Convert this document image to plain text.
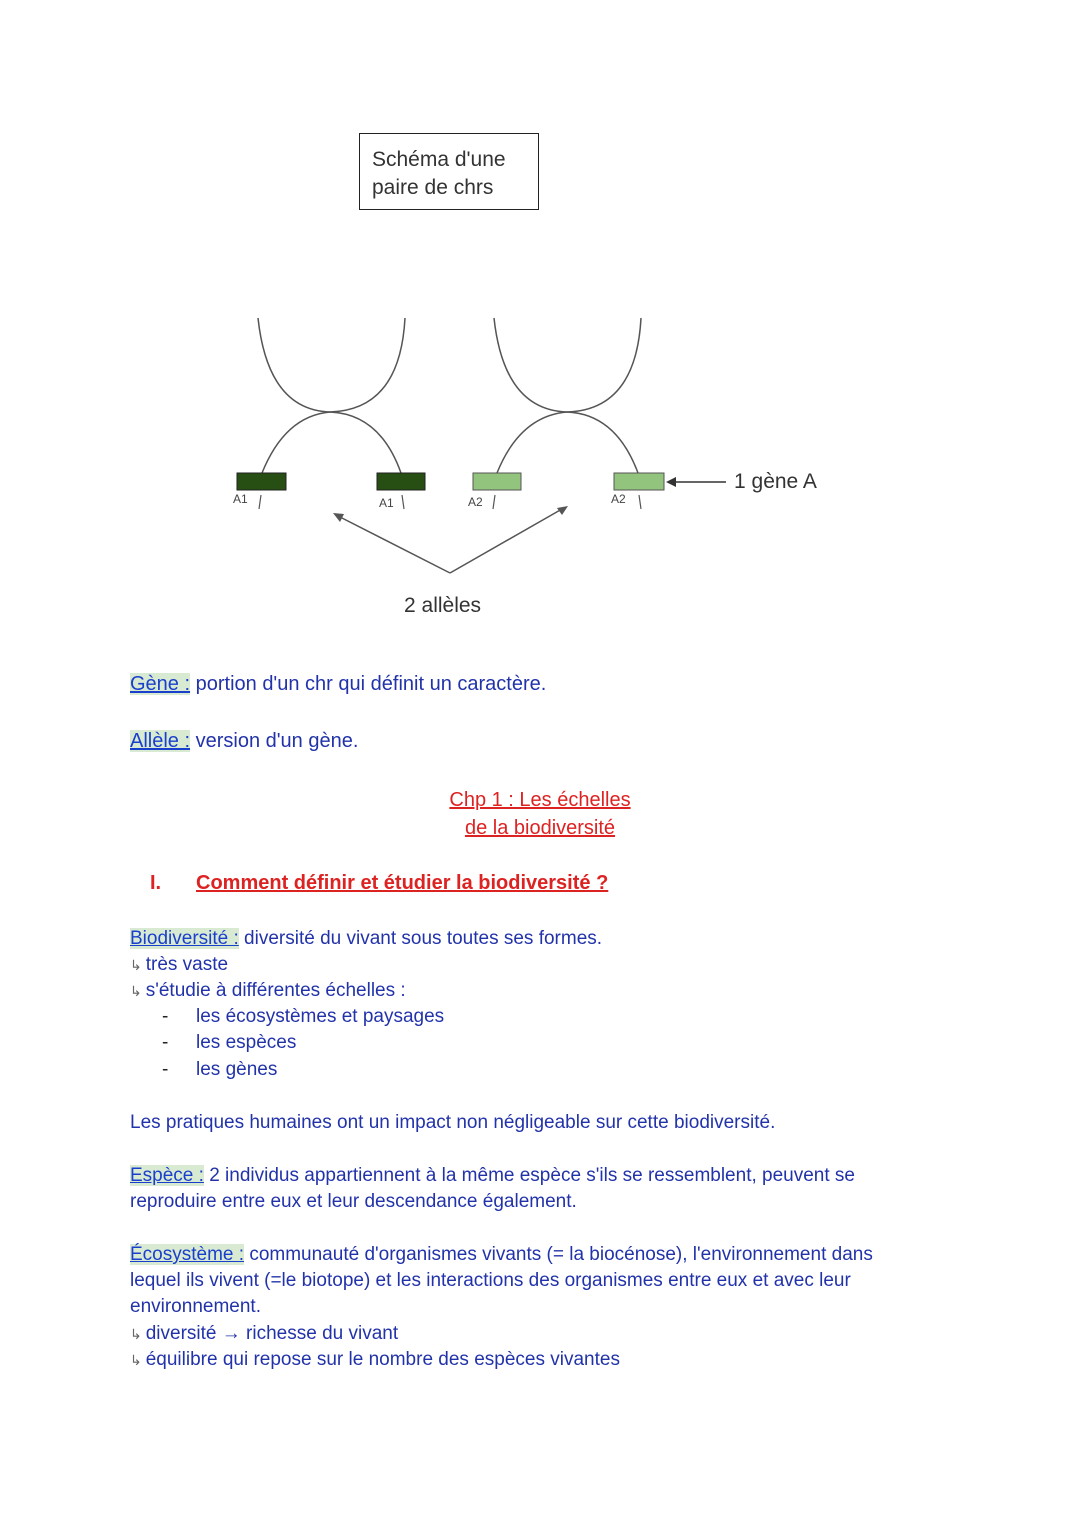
Schéma d'une
paire de chrs
A1	A1	A2	A2
1 gène A
2 allèles
Gène : portion d'un chr qui définit un caractère.
Allèle : version d'un gène.
Chp 1 : Les échelles
de la biodiversité
I. Comment définir et étudier la biodiversité ?
Biodiversité : diversité du vivant sous toutes ses formes.
↳ très vaste
↳ s'étudie à différentes échelles :
- les écosystèmes et paysages
- les espèces
- les gènes
Les pratiques humaines ont un impact non négligeable sur cette biodiversité.
Espèce : 2 individus appartiennent à la même espèce s'ils se ressemblent, peuvent se
reproduire entre eux et leur descendance également.
Écosystème : communauté d'organismes vivants (= la biocénose), l'environnement dans
lequel ils vivent (=le biotope) et les interactions des organismes entre eux et avec leur
environnement.
↳ diversité → richesse du vivant
↳ équilibre qui repose sur le nombre des espèces vivantes
